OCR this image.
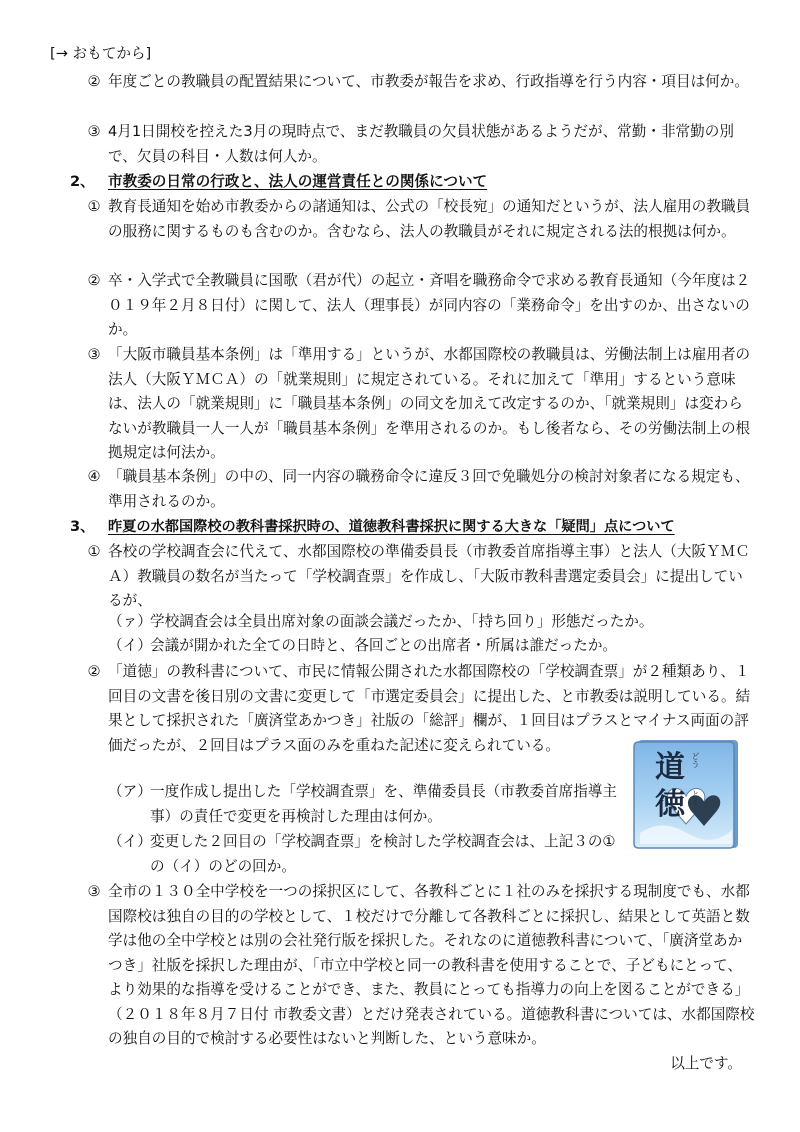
[→ おもてから]
② 年度ごとの教職員の配置結果について、市教委が報告を求め、行政指導を行う内容・項目は何か。
③ 4月1日開校を控えた3月の現時点で、まだ教職員の欠員状態があるようだが、常勤・非常勤の別で、欠員の科目・人数は何人か。
2、 市教委の日常の行政と、法人の運営責任との関係について
① 教育長通知を始め市教委からの諸通知は、公式の「校長宛」の通知だというが、法人雇用の教職員の服務に関するものも含むのか。含むなら、法人の教職員がそれに規定される法的根拠は何か。
② 卒・入学式で全教職員に国歌（君が代）の起立・斉唱を職務命令で求める教育長通知（今年度は２０１９年２月８日付）に関して、法人（理事長）が同内容の「業務命令」を出すのか、出さないのか。
③ 「大阪市職員基本条例」は「準用する」というが、水都国際校の教職員は、労働法制上は雇用者の法人（大阪ＹＭＣＡ）の「就業規則」に規定されている。それに加えて「準用」するという意味は、法人の「就業規則」に「職員基本条例」の同文を加えて改定するのか、「就業規則」は変わらないが教職員一人一人が「職員基本条例」を準用されるのか。もし後者なら、その労働法制上の根拠規定は何法か。
④ 「職員基本条例」の中の、同一内容の職務命令に違反３回で免職処分の検討対象者になる規定も、準用されるのか。
3、 昨夏の水都国際校の教科書採択時の、道徳教科書採択に関する大きな「疑問」点について
① 各校の学校調査会に代えて、水都国際校の準備委員長（市教委首席指導主事）と法人（大阪ＹＭＣＡ）教職員の数名が当たって「学校調査票」を作成し、「大阪市教科書選定委員会」に提出しているが、
（ァ）
学校調査会は全員出席対象の面談会議だったか、「持ち回り」形態だったか。
（イ）
会議が開かれた全ての日時と、各回ごとの出席者・所属は誰だったか。
② 「道徳」の教科書について、市民に情報公開された水都国際校の「学校調査票」が２種類あり、１回目の文書を後日別の文書に変更して「市選定委員会」に提出した、と市教委は説明している。結果として採択された「廣済堂あかつき」社版の「総評」欄が、１回目はプラスとマイナス両面の評価だったが、２回目はプラス面のみを重ねた記述に変えられている。
（ア）
一度作成し提出した「学校調査票」を、準備委員長（市教委首席指導主事）の責任で変更を再検討した理由は何か。
（イ）
変更した２回目の「学校調査票」を検討した学校調査会は、上記３の①の（イ）のどの回か。
③ 全市の１３０全中学校を一つの採択区にして、各教科ごとに１社のみを採択する現制度でも、水都国際校は独自の目的の学校として、１校だけで分離して各教科ごとに採択し、結果として英語と数学は他の全中学校とは別の会社発行版を採択した。それなのに道徳教科書について、「廣済堂あかつき」社版を採択した理由が、「市立中学校と同一の教科書を使用することで、子どもにとって、より効果的な指導を受けることができ、また、教員にとっても指導力の向上を図ることができる」（２０１８年８月７日付 市教委文書）とだけ発表されている。道徳教科書については、水都国際校の独自の目的で検討する必要性はないと判断した、という意味か。
以上です。
道
徳
どう
とく
